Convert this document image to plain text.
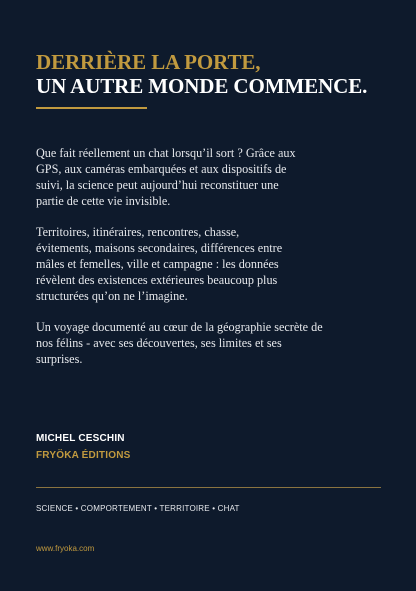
DERRIÈRE LA PORTE,
UN AUTRE MONDE COMMENCE.

Que fait réellement un chat lorsqu’il sort ? Grâce aux
GPS, aux caméras embarquées et aux dispositifs de
suivi, la science peut aujourd’hui reconstituer une
partie de cette vie invisible.

Territoires, itinéraires, rencontres, chasse,
évitements, maisons secondaires, différences entre
mâles et femelles, ville et campagne : les données
révèlent des existences extérieures beaucoup plus
structurées qu’on ne l’imagine.

Un voyage documenté au cœur de la géographie secrète de
nos félins - avec ses découvertes, ses limites et ses
surprises.

MICHEL CESCHIN
FRYÖKA ÉDITIONS
SCIENCE • COMPORTEMENT • TERRITOIRE • CHAT
www.fryoka.com
